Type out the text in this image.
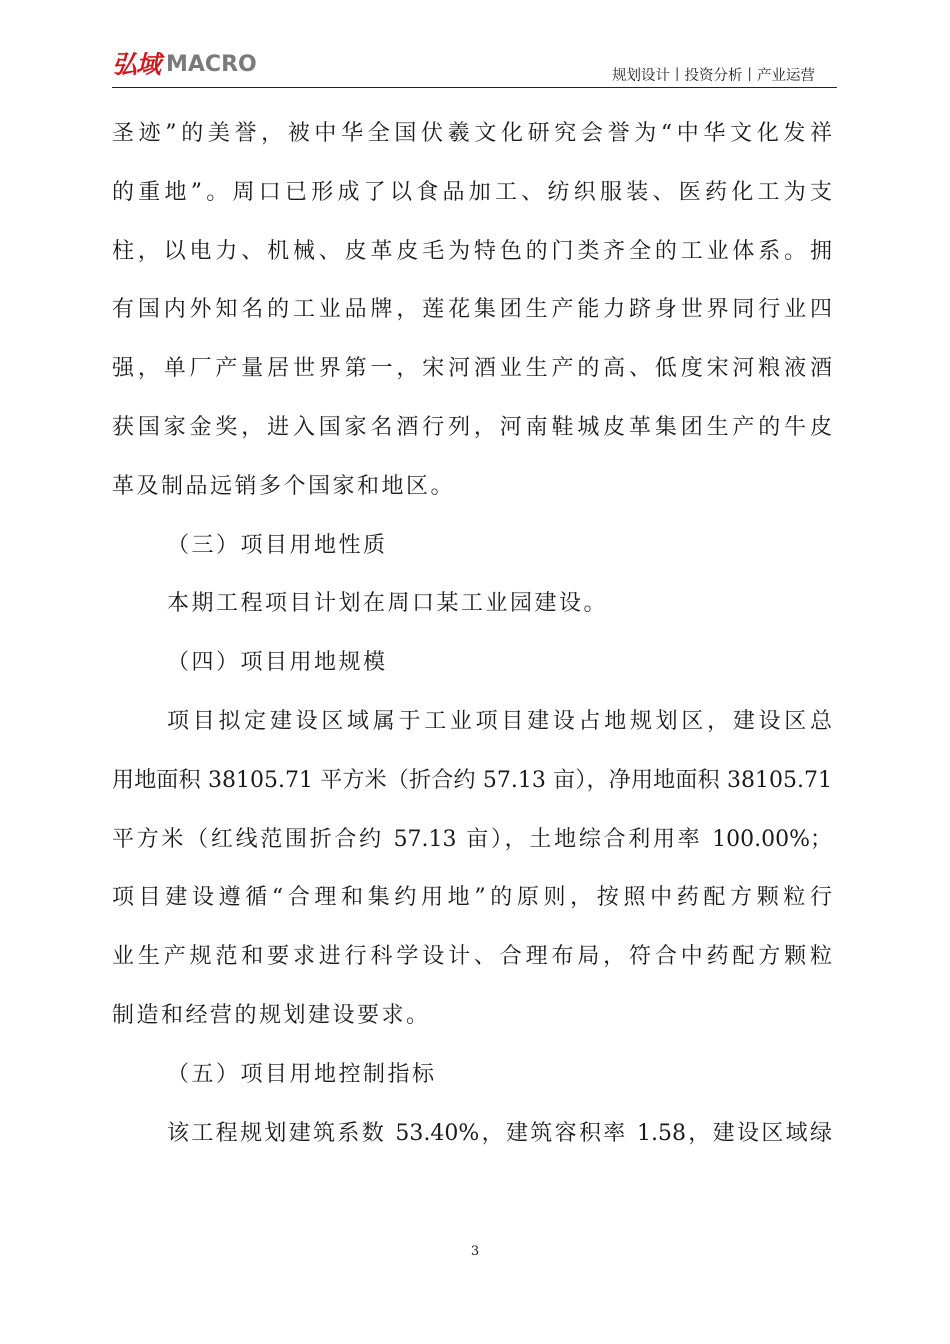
弘域 MACRO	规划设计丨投资分析丨产业运营
圣迹”的美誉，被中华全国伏羲文化研究会誉为“中华文化发祥
的重地”。周口已形成了以食品加工、纺织服装、医药化工为支
柱，以电力、机械、皮革皮毛为特色的门类齐全的工业体系。拥
有国内外知名的工业品牌，莲花集团生产能力跻身世界同行业四
强，单厂产量居世界第一，宋河酒业生产的高、低度宋河粮液酒
获国家金奖，进入国家名酒行列，河南鞋城皮革集团生产的牛皮
革及制品远销多个国家和地区。
（三）项目用地性质
本期工程项目计划在周口某工业园建设。
（四）项目用地规模
项目拟定建设区域属于工业项目建设占地规划区，建设区总
用地面积 38105.71 平方米（折合约 57.13 亩），净用地面积 38105.71
平方米（红线范围折合约 57.13 亩），土地综合利用率 100.00%；
项目建设遵循“合理和集约用地”的原则，按照中药配方颗粒行
业生产规范和要求进行科学设计、合理布局，符合中药配方颗粒
制造和经营的规划建设要求。
（五）项目用地控制指标
该工程规划建筑系数 53.40%，建筑容积率 1.58，建设区域绿
3
